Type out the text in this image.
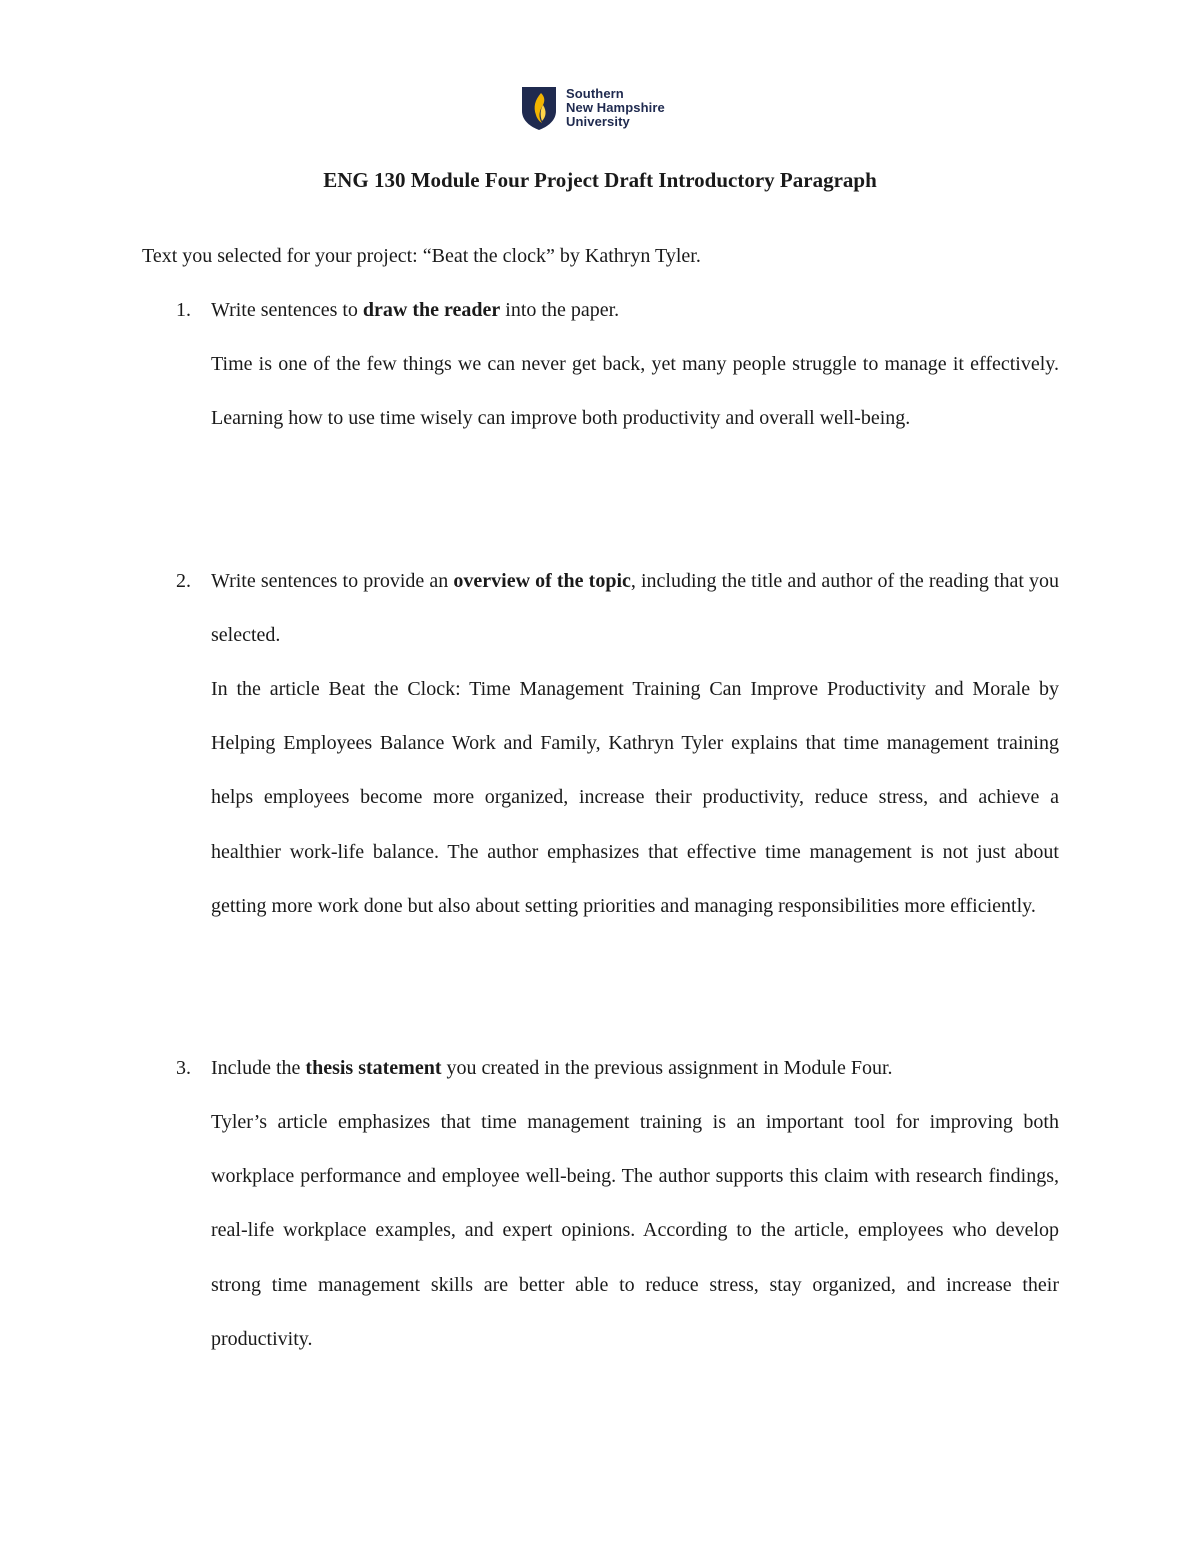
Southern
New Hampshire
University
ENG 130 Module Four Project Draft Introductory Paragraph
Text you selected for your project: “Beat the clock” by Kathryn Tyler.
1. Write sentences to draw the reader into the paper.
Time is one of the few things we can never get back, yet many people struggle to manage it effectively. Learning how to use time wisely can improve both productivity and overall well-being.
2. Write sentences to provide an overview of the topic, including the title and author of the reading that you selected.
In the article Beat the Clock: Time Management Training Can Improve Productivity and Morale by Helping Employees Balance Work and Family, Kathryn Tyler explains that time management training helps employees become more organized, increase their productivity, reduce stress, and achieve a healthier work-life balance. The author emphasizes that effective time management is not just about getting more work done but also about setting priorities and managing responsibilities more efficiently.
3. Include the thesis statement you created in the previous assignment in Module Four.
Tyler’s article emphasizes that time management training is an important tool for improving both workplace performance and employee well-being. The author supports this claim with research findings, real-life workplace examples, and expert opinions. According to the article, employees who develop strong time management skills are better able to reduce stress, stay organized, and increase their productivity.
